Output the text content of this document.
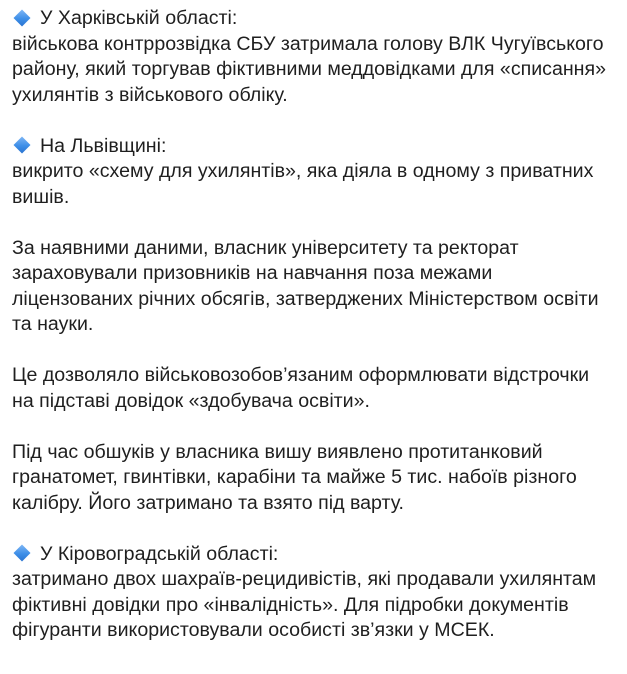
У Харківській області:
військова контррозвідка СБУ затримала голову ВЛК Чугуївського
району, який торгував фіктивними меддовідками для «списання»
ухилянтів з військового обліку.
На Львівщині:
викрито «схему для ухилянтів», яка діяла в одному з приватних
вишів.
За наявними даними, власник університету та ректорат
зараховували призовників на навчання поза межами
ліцензованих річних обсягів, затверджених Міністерством освіти
та науки.
Це дозволяло військовозобов’язаним оформлювати відстрочки
на підставі довідок «здобувача освіти».
Під час обшуків у власника вишу виявлено протитанковий
гранатомет, гвинтівки, карабіни та майже 5 тис. набоїв різного
калібру. Його затримано та взято під варту.
У Кіровоградській області:
затримано двох шахраїв-рецидивістів, які продавали ухилянтам
фіктивні довідки про «інвалідність». Для підробки документів
фігуранти використовували особисті зв’язки у МСЕК.
